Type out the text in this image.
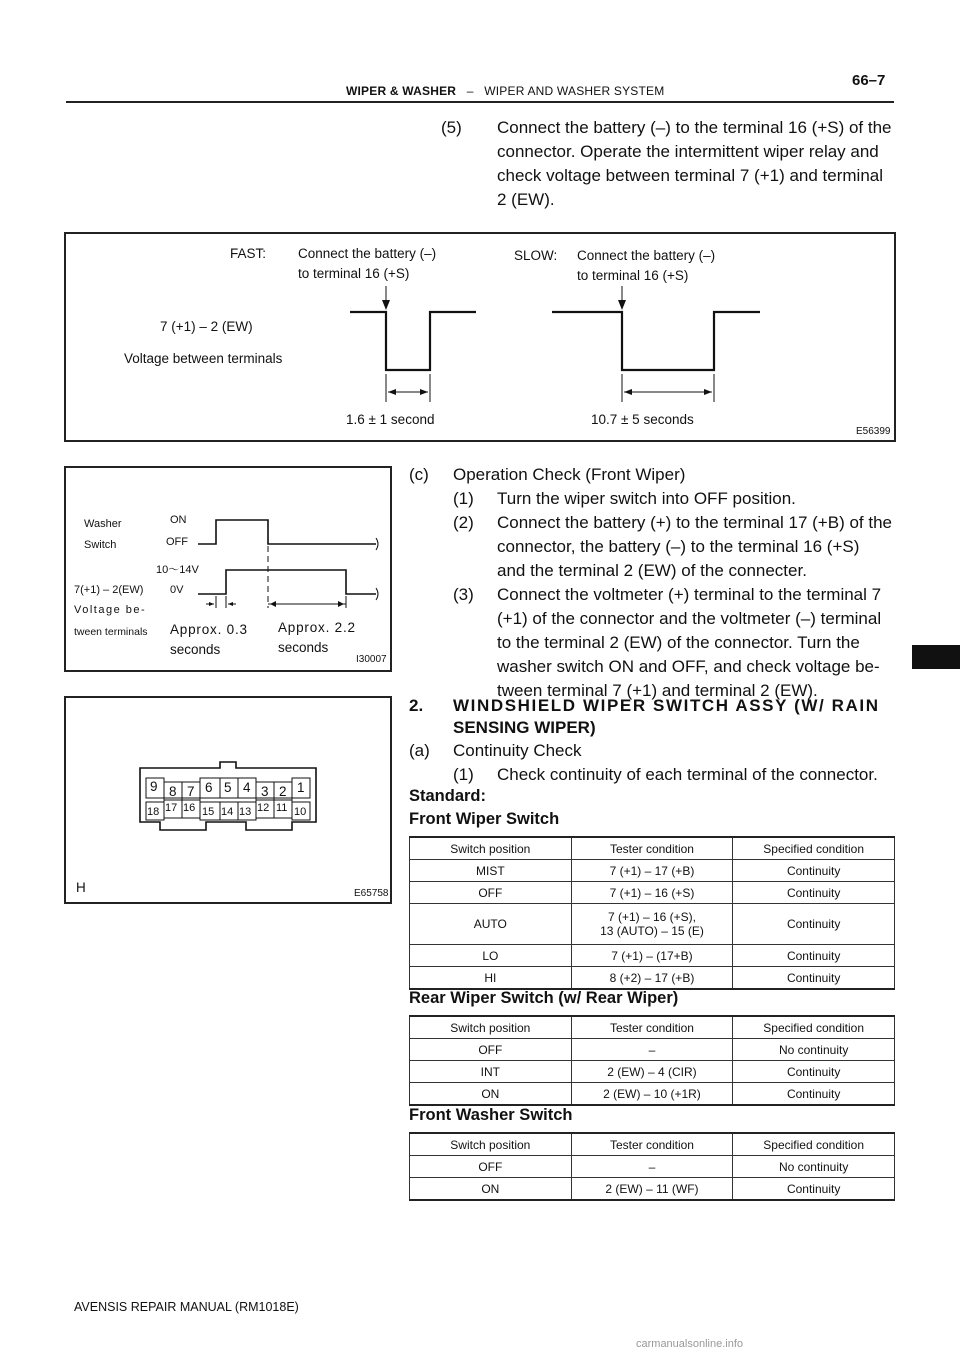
WIPER & WASHER – WIPER AND WASHER SYSTEM
66–7
(5) Connect the battery (–) to the terminal 16 (+S) of the
connector. Operate the intermittent wiper relay and
check voltage between terminal 7 (+1) and terminal
2 (EW).
FAST: Connect the battery (–)
to terminal 16 (+S)
SLOW: Connect the battery (–)
to terminal 16 (+S)
7 (+1) – 2 (EW)
Voltage between terminals
1.6 ± 1 second	10.7 ± 5 seconds
E56399
Washer
Switch
ON
OFF
10～14V
0V
7(+1) – 2(EW)
Voltage be-
tween terminals Approx. 0.3
seconds
Approx. 2.2
seconds
I30007
9 8 7 6 5 4 3 2 1
18 17 16 15 14 13 12 11 10
H	E65758
(c) Operation Check (Front Wiper)
(1) Turn the wiper switch into OFF position.
(2) Connect the battery (+) to the terminal 17 (+B) of the
connector, the battery (–) to the terminal 16 (+S)
and the terminal 2 (EW) of the connecter.
(3) Connect the voltmeter (+) terminal to the terminal 7
(+1) of the connector and the voltmeter (–) terminal
to the terminal 2 (EW) of the connector. Turn the
washer switch ON and OFF, and check voltage be-
tween terminal 7 (+1) and terminal 2 (EW).
2. WINDSHIELD WIPER SWITCH ASSY (W/ RAIN
SENSING WIPER)
(a) Continuity Check
(1) Check continuity of each terminal of the connector.
Standard:
Front Wiper Switch
Switch position	Tester condition	Specified condition
MIST	7 (+1) – 17 (+B)	Continuity
OFF	7 (+1) – 16 (+S)	Continuity
AUTO	7 (+1) – 16 (+S),
13 (AUTO) – 15 (E)	Continuity
LO	7 (+1) – (17+B)	Continuity
HI	8 (+2) – 17 (+B)	Continuity
Rear Wiper Switch (w/ Rear Wiper)
Switch position	Tester condition	Specified condition
OFF	–	No continuity
INT	2 (EW) – 4 (CIR)	Continuity
ON	2 (EW) – 10 (+1R)	Continuity
Front Washer Switch
Switch position	Tester condition	Specified condition
OFF	–	No continuity
ON	2 (EW) – 11 (WF)	Continuity
AVENSIS REPAIR MANUAL (RM1018E)
carmanualsonline.info
